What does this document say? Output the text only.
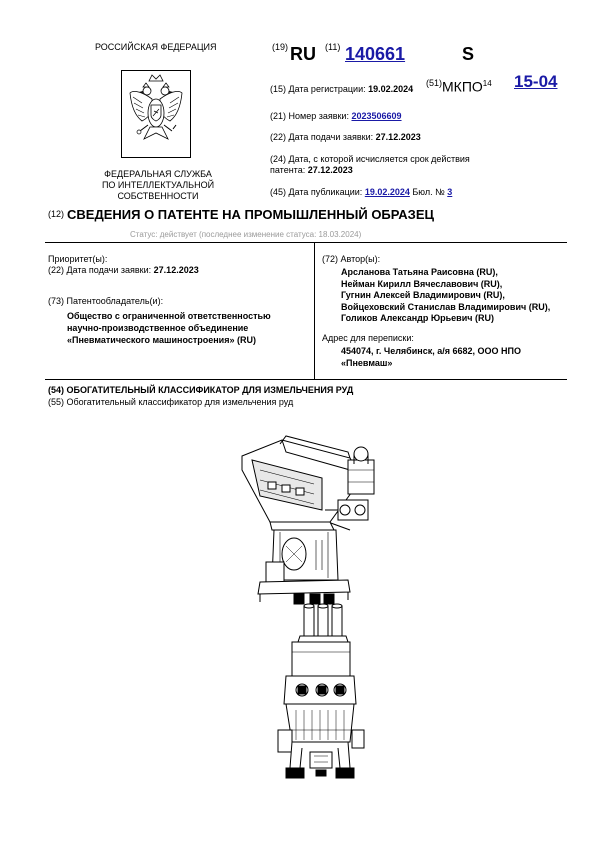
РОССИЙСКАЯ ФЕДЕРАЦИЯ
ФЕДЕРАЛЬНАЯ СЛУЖБА
ПО ИНТЕЛЛЕКТУАЛЬНОЙ СОБСТВЕННОСТИ
(19) RU (11) 140661	S
(15) Дата регистрации: 19.02.2024
$^{(51)}$МКПО$^{14}$ 15-04
(21) Номер заявки: 2023506609
(22) Дата подачи заявки: 27.12.2023
(24) Дата, с которой исчисляется срок действия
патента: 27.12.2023
(45) Дата публикации: 19.02.2024 Бюл. № 3
(12) СВЕДЕНИЯ О ПАТЕНТЕ НА ПРОМЫШЛЕННЫЙ ОБРАЗЕЦ
Статус: действует (последнее изменение статуса: 18.03.2024)
Приоритет(ы):
(22) Дата подачи заявки: 27.12.2023
(73) Патентообладатель(и):
Общество с ограниченной ответственностью
научно-производственное объединение
«Пневматического машиностроения» (RU)
(72) Автор(ы):
Арсланова Татьяна Раисовна (RU),
Нейман Кирилл Вячеславович (RU),
Гугнин Алексей Владимирович (RU),
Войцеховский Станислав Владимирович (RU),
Голиков Александр Юрьевич (RU)
Адрес для переписки:
454074, г. Челябинск, а/я 6682, ООО НПО
«Пневмаш»
(54) ОБОГАТИТЕЛЬНЫЙ КЛАССИФИКАТОР ДЛЯ ИЗМЕЛЬЧЕНИЯ РУД
(55) Обогатительный классификатор для измельчения руд
